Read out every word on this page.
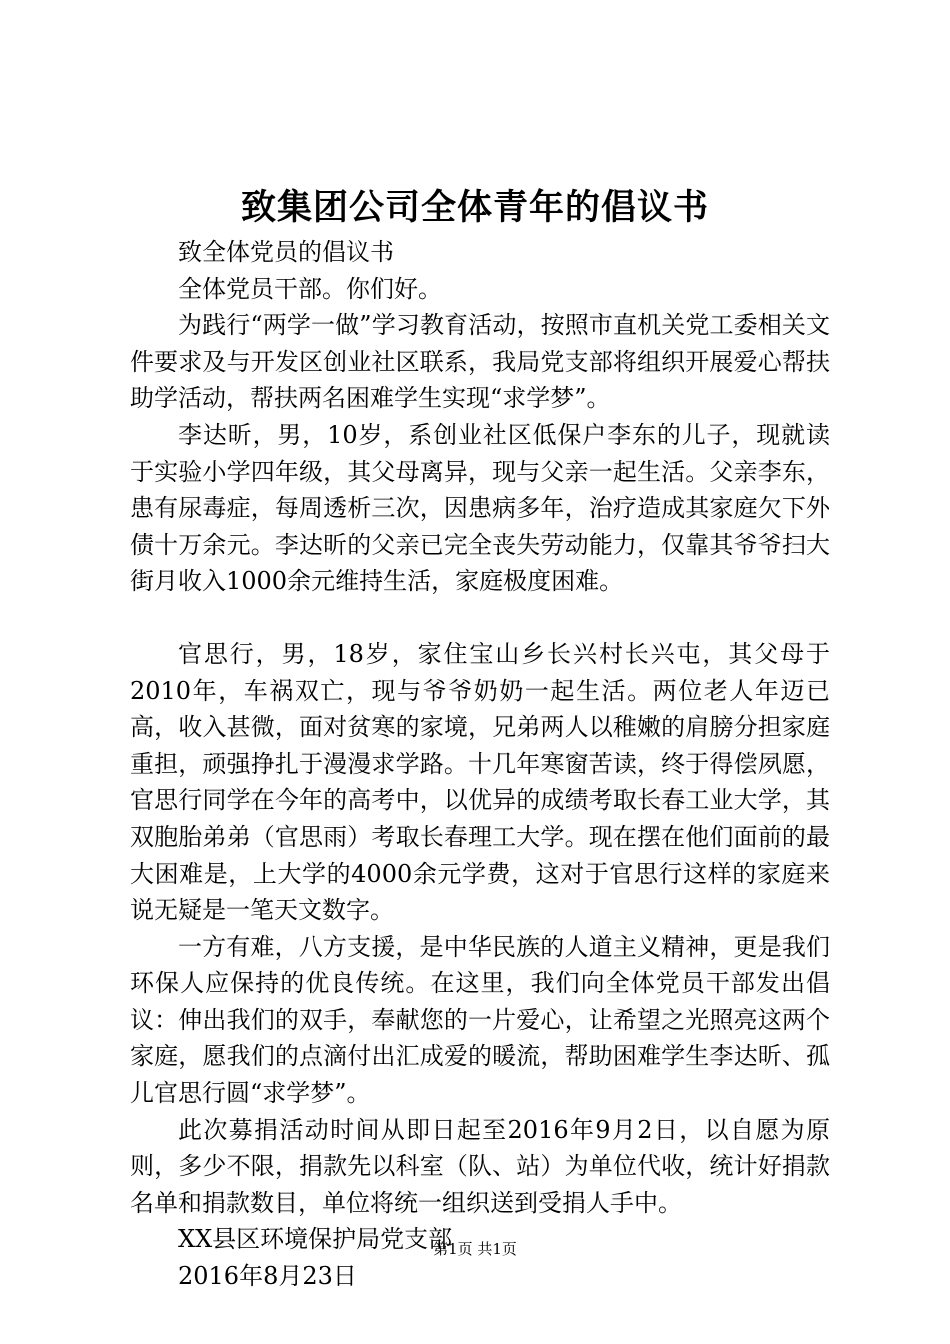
致集团公司全体青年的倡议书

致全体党员的倡议书

全体党员干部。你们好。

为践行“两学一做”学习教育活动，按照市直机关党工委相关文件要求及与开发区创业社区联系，我局党支部将组织开展爱心帮扶助学活动，帮扶两名困难学生实现“求学梦”。

李达昕，男，10岁，系创业社区低保户李东的儿子，现就读于实验小学四年级，其父母离异，现与父亲一起生活。父亲李东，患有尿毒症，每周透析三次，因患病多年，治疗造成其家庭欠下外债十万余元。李达昕的父亲已完全丧失劳动能力，仅靠其爷爷扫大街月收入1000余元维持生活，家庭极度困难。

官思行，男，18岁，家住宝山乡长兴村长兴屯，其父母于2010年，车祸双亡，现与爷爷奶奶一起生活。两位老人年迈已高，收入甚微，面对贫寒的家境，兄弟两人以稚嫩的肩膀分担家庭重担，顽强挣扎于漫漫求学路。十几年寒窗苦读，终于得偿夙愿，官思行同学在今年的高考中，以优异的成绩考取长春工业大学，其双胞胎弟弟（官思雨）考取长春理工大学。现在摆在他们面前的最大困难是，上大学的4000余元学费，这对于官思行这样的家庭来说无疑是一笔天文数字。

一方有难，八方支援，是中华民族的人道主义精神，更是我们环保人应保持的优良传统。在这里，我们向全体党员干部发出倡议：伸出我们的双手，奉献您的一片爱心，让希望之光照亮这两个家庭，愿我们的点滴付出汇成爱的暖流，帮助困难学生李达昕、孤儿官思行圆“求学梦”。

此次募捐活动时间从即日起至2016年9月2日，以自愿为原则，多少不限，捐款先以科室（队、站）为单位代收，统计好捐款名单和捐款数目，单位将统一组织送到受捐人手中。

XX县区环境保护局党支部

2016年8月23日

第1页 共1页
